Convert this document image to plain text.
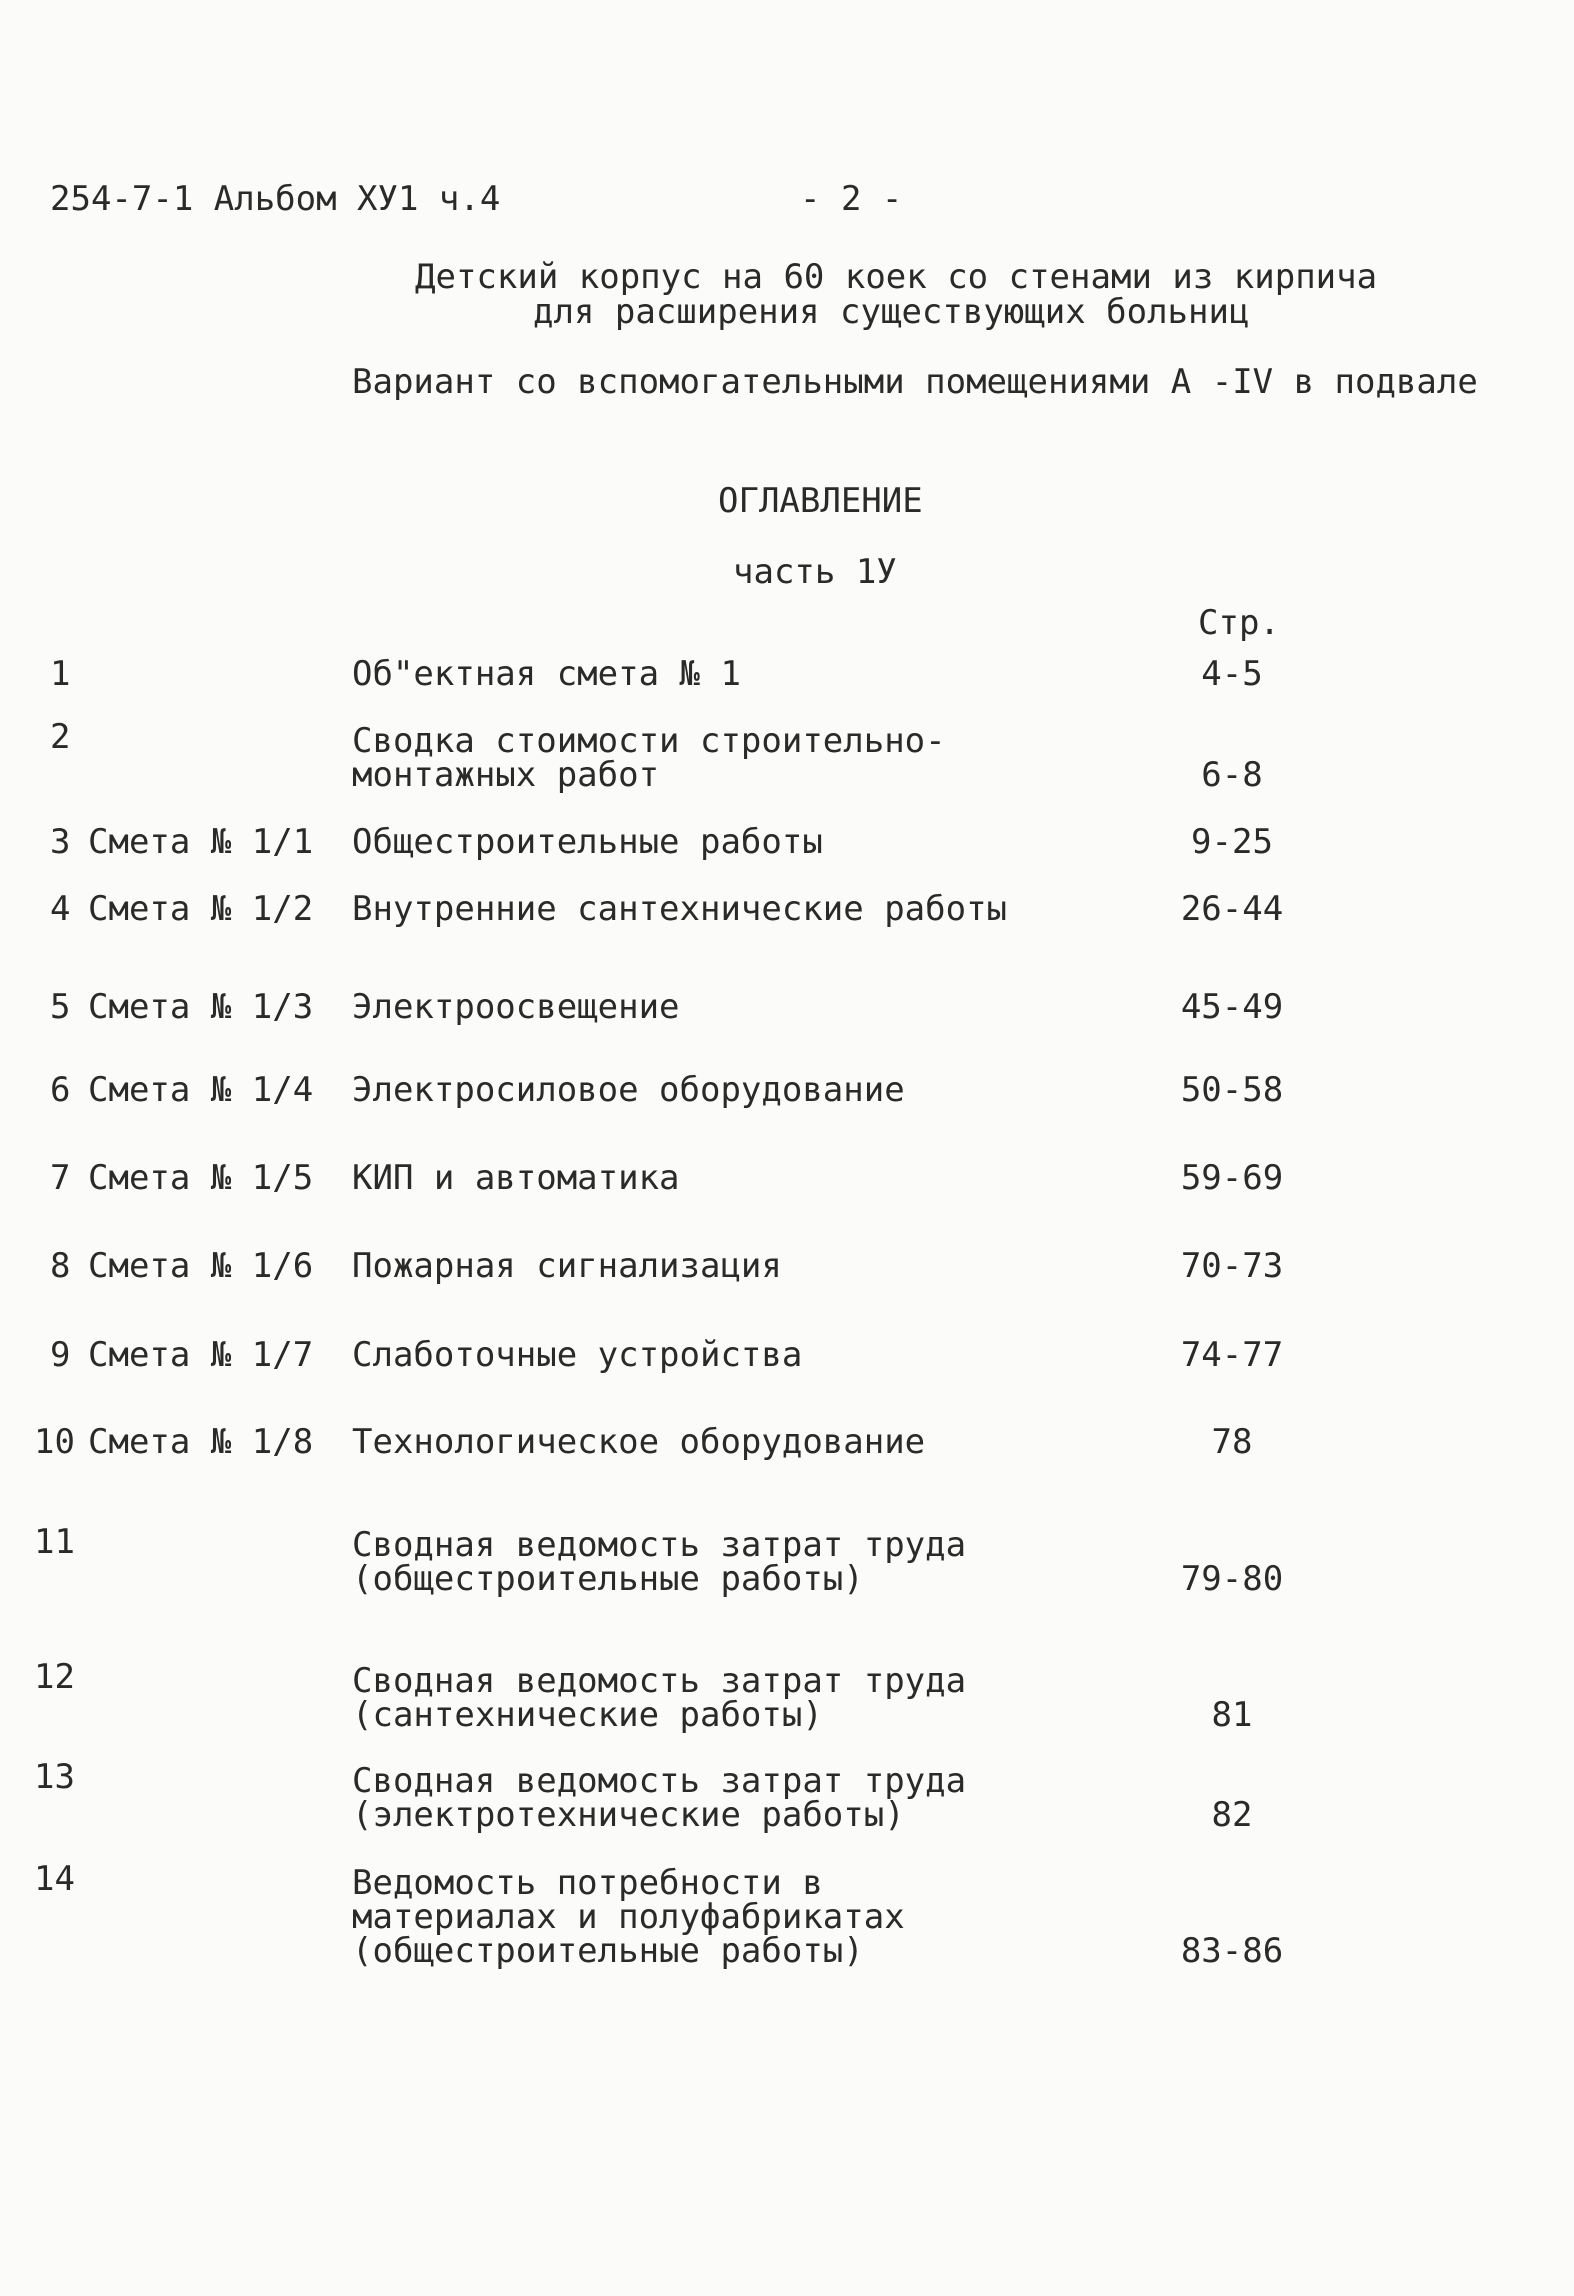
254-7-1 Альбом ХУ1 ч.4	- 2 -
Детский корпус на 60 коек со стенами из кирпича
для расширения существующих больниц
Вариант со вспомогательными помещениями А -IV в подвале
ОГЛАВЛЕНИЕ
часть 1У
Стр.
1	Об"ектная смета № 1	4-5
2	Сводка стоимости строительно-
монтажных работ	6-8
3 Смета № 1/1 Общестроительные работы	9-25
4 Смета № 1/2 Внутренние сантехнические работы	26-44
5 Смета № 1/3 Электроосвещение	45-49
6 Смета № 1/4 Электросиловое оборудование	50-58
7 Смета № 1/5 КИП и автоматика	59-69
8 Смета № 1/6 Пожарная сигнализация	70-73
9 Смета № 1/7 Слаботочные устройства	74-77
10 Смета № 1/8 Технологическое оборудование	78
11	Сводная ведомость затрат труда
(общестроительные работы)	79-80
12	Сводная ведомость затрат труда
(сантехнические работы)	81
13	Сводная ведомость затрат труда
(электротехнические работы)	82
14	Ведомость потребности в
материалах и полуфабрикатах
(общестроительные работы)	83-86
